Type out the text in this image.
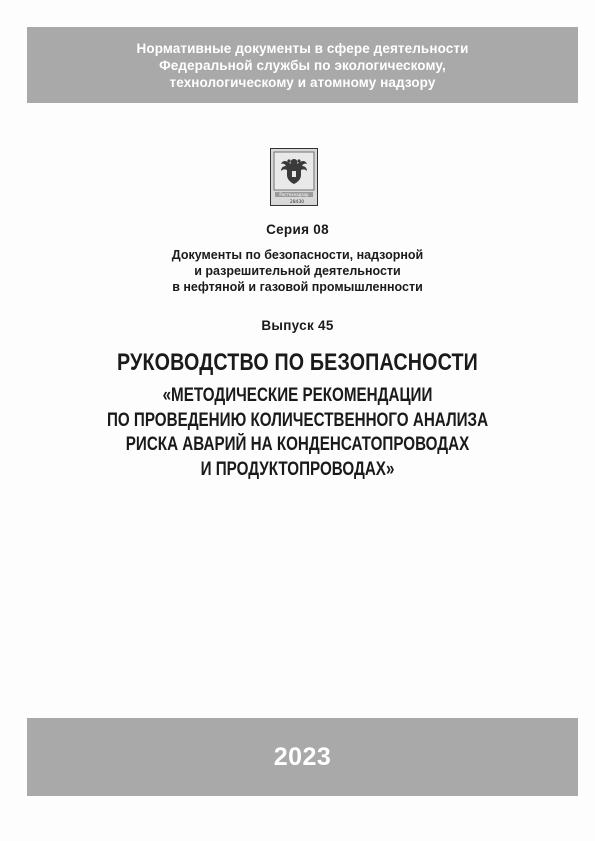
Нормативные документы в сфере деятельности
Федеральной службы по экологическому,
технологическому и атомному надзору
Ростехнадзор
28430
Серия 08
Документы по безопасности, надзорной
и разрешительной деятельности
в нефтяной и газовой промышленности
Выпуск 45
РУКОВОДСТВО ПО БЕЗОПАСНОСТИ
«МЕТОДИЧЕСКИЕ РЕКОМЕНДАЦИИ
ПО ПРОВЕДЕНИЮ КОЛИЧЕСТВЕННОГО АНАЛИЗА
РИСКА АВАРИЙ НА КОНДЕНСАТОПРОВОДАХ
И ПРОДУКТОПРОВОДАХ»
2023
